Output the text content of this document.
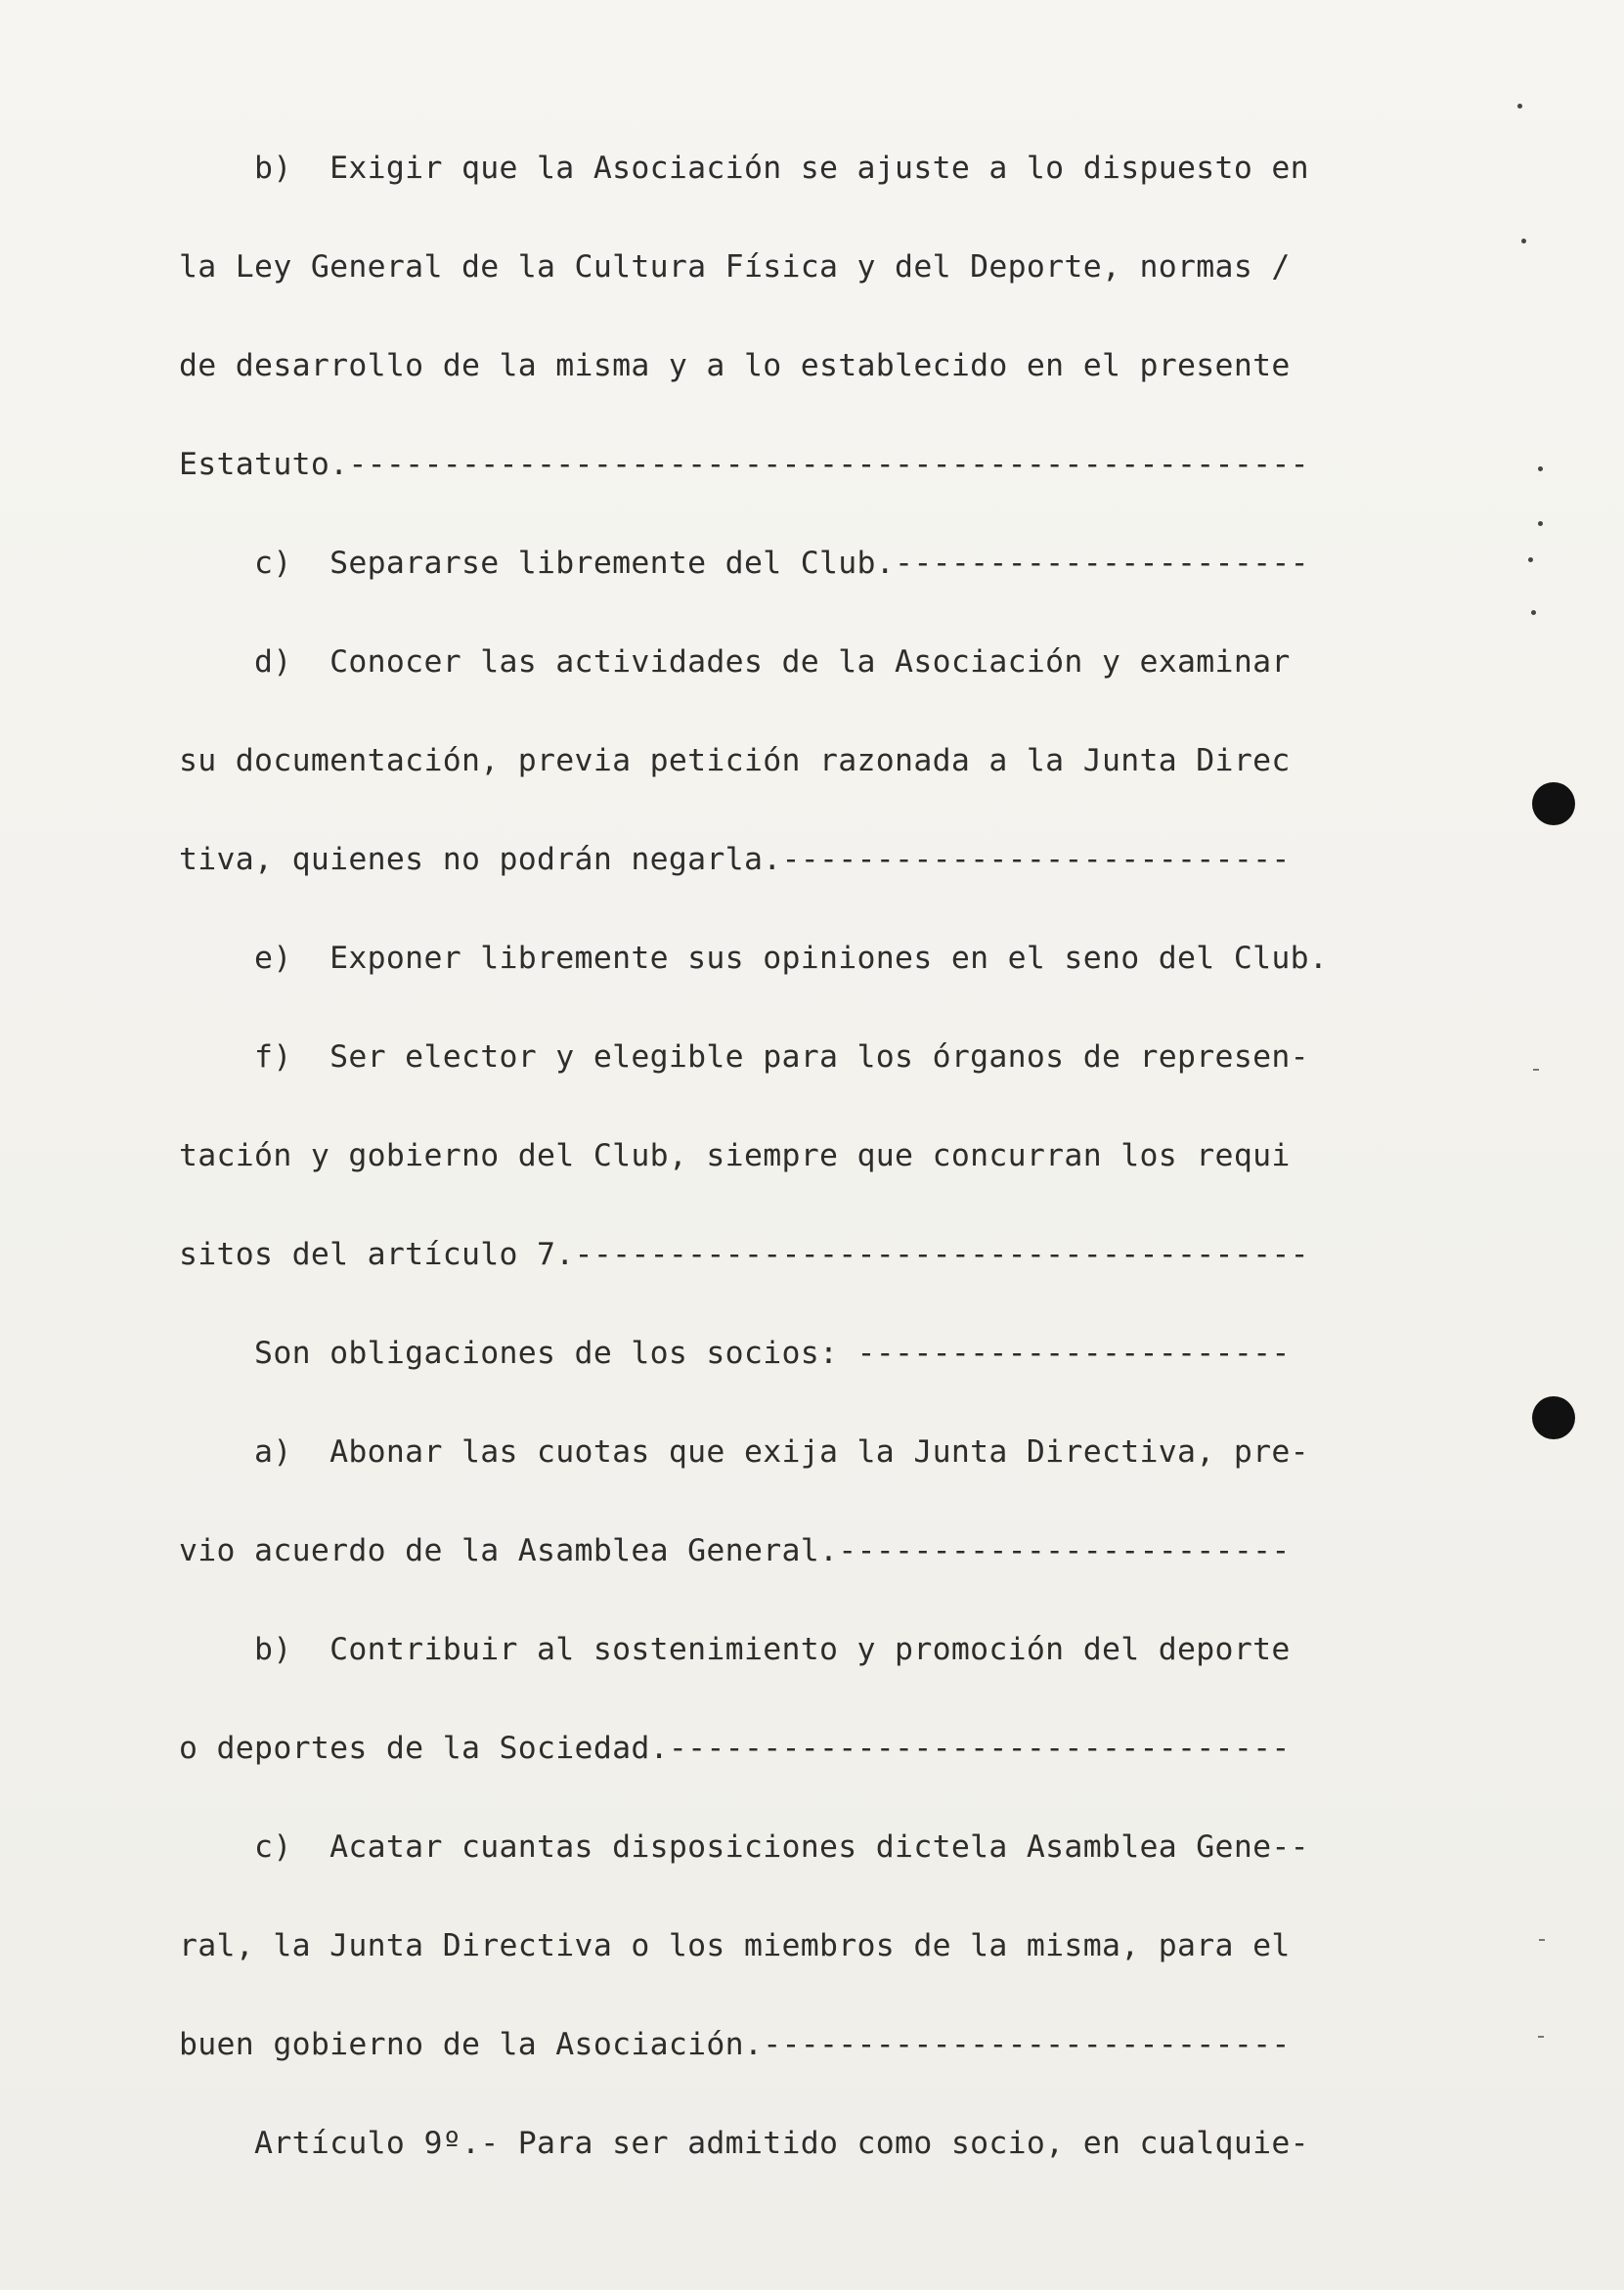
b)  Exigir que la Asociación se ajuste a lo dispuesto en
la Ley General de la Cultura Física y del Deporte, normas /
de desarrollo de la misma y a lo establecido en el presente
Estatuto.---------------------------------------------------
c)  Separarse libremente del Club.----------------------
d)  Conocer las actividades de la Asociación y examinar
su documentación, previa petición razonada a la Junta Direc
tiva, quienes no podrán negarla.---------------------------
e)  Exponer libremente sus opiniones en el seno del Club.
f)  Ser elector y elegible para los órganos de represen-
tación y gobierno del Club, siempre que concurran los requi
sitos del artículo 7.---------------------------------------
Son obligaciones de los socios: -----------------------
a)  Abonar las cuotas que exija la Junta Directiva, pre-
vio acuerdo de la Asamblea General.------------------------
b)  Contribuir al sostenimiento y promoción del deporte
o deportes de la Sociedad.---------------------------------
c)  Acatar cuantas disposiciones dictela Asamblea Gene--
ral, la Junta Directiva o los miembros de la misma, para el
buen gobierno de la Asociación.----------------------------
Artículo 9º.- Para ser admitido como socio, en cualquie-
